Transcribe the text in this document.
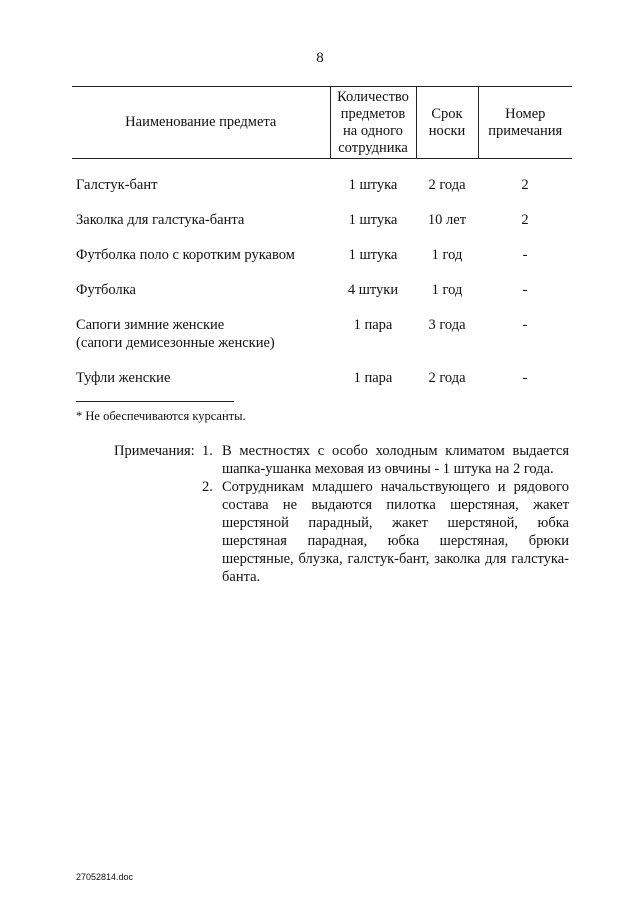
8
Наименование предмета	Количество предметов на одного сотрудника	Срок носки	Номер примечания

Галстук-бант	1 штука	2 года	2
Заколка для галстука-банта	1 штука	10 лет	2
Футболка поло с коротким рукавом	1 штука	1 год	-
Футболка	4 штуки	1 год	-

Сапоги зимние женские
(сапоги демисезонные женские)	1 пара	3 года	-
Туфли женские	1 пара	2 года	-
* Не обеспечиваются курсанты.
Примечания: 1. В местностях с особо холодным климатом выдается шапка-ушанка меховая из овчины - 1 штука на 2 года.
2. Сотрудникам младшего начальствующего и рядового состава не выдаются пилотка шерстяная, жакет шерстяной парадный, жакет шерстяной, юбка шерстяная парадная, юбка шерстяная, брюки шерстяные, блузка, галстук-бант, заколка для галстука-банта.
27052814.doc
